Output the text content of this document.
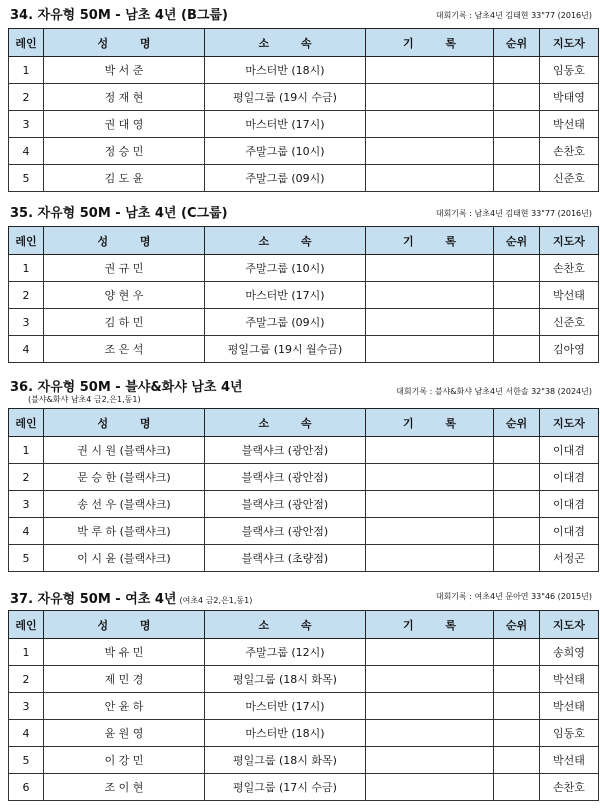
34. 자유형 50M - 남초 4년 (B그룹)	대회기록 : 남초4년 김태현 33"77 (2016년)
레인	성 명	소 속	기 록	순위	지도자
1	박 서 준	마스터반 (18시)			임동호
2	정 재 현	평일그룹 (19시 수금)			박태영
3	권 대 영	마스터반 (17시)			박선태
4	정 승 민	주말그룹 (10시)			손찬호
5	김 도 윤	주말그룹 (09시)			신준호
35. 자유형 50M - 남초 4년 (C그룹)	대회기록 : 남초4년 김태현 33"77 (2016년)
레인	성 명	소 속	기 록	순위	지도자
1	권 규 민	주말그룹 (10시)			손찬호
2	양 현 우	마스터반 (17시)			박선태
3	김 하 민	주말그룹 (09시)			신준호
4	조 은 석	평일그룹 (19시 월수금)			김아영
36. 자유형 50M - 블샤&화샤 남초 4년
(블샤&화샤 남초4 금2,은1,동1)
대회기록 : 블샤&화샤 남초4년 서한솔 32"38 (2024년)
레인	성 명	소 속	기 록	순위	지도자
1	권 시 원 (블랙샤크)	블랙샤크 (광안점)			이대겸
2	문 승 한 (블랙샤크)	블랙샤크 (광안점)			이대겸
3	송 선 우 (블랙샤크)	블랙샤크 (광안점)			이대겸
4	박 루 하 (블랙샤크)	블랙샤크 (광안점)			이대겸
5	이 시 윤 (블랙샤크)	블랙샤크 (초량점)			서정곤
37. 자유형 50M - 여초 4년 (여초4 금2,은1,동1)	대회기록 : 여초4년 문아연 33"46 (2015년)
레인	성 명	소 속	기 록	순위	지도자
1	박 유 민	주말그룹 (12시)			송희영
2	제 민 경	평일그룹 (18시 화목)			박선태
3	안 윤 하	마스터반 (17시)			박선태
4	윤 원 영	마스터반 (18시)			임동호
5	이 강 민	평일그룹 (18시 화목)			박선태
6	조 이 현	평일그룹 (17시 수금)			손찬호
